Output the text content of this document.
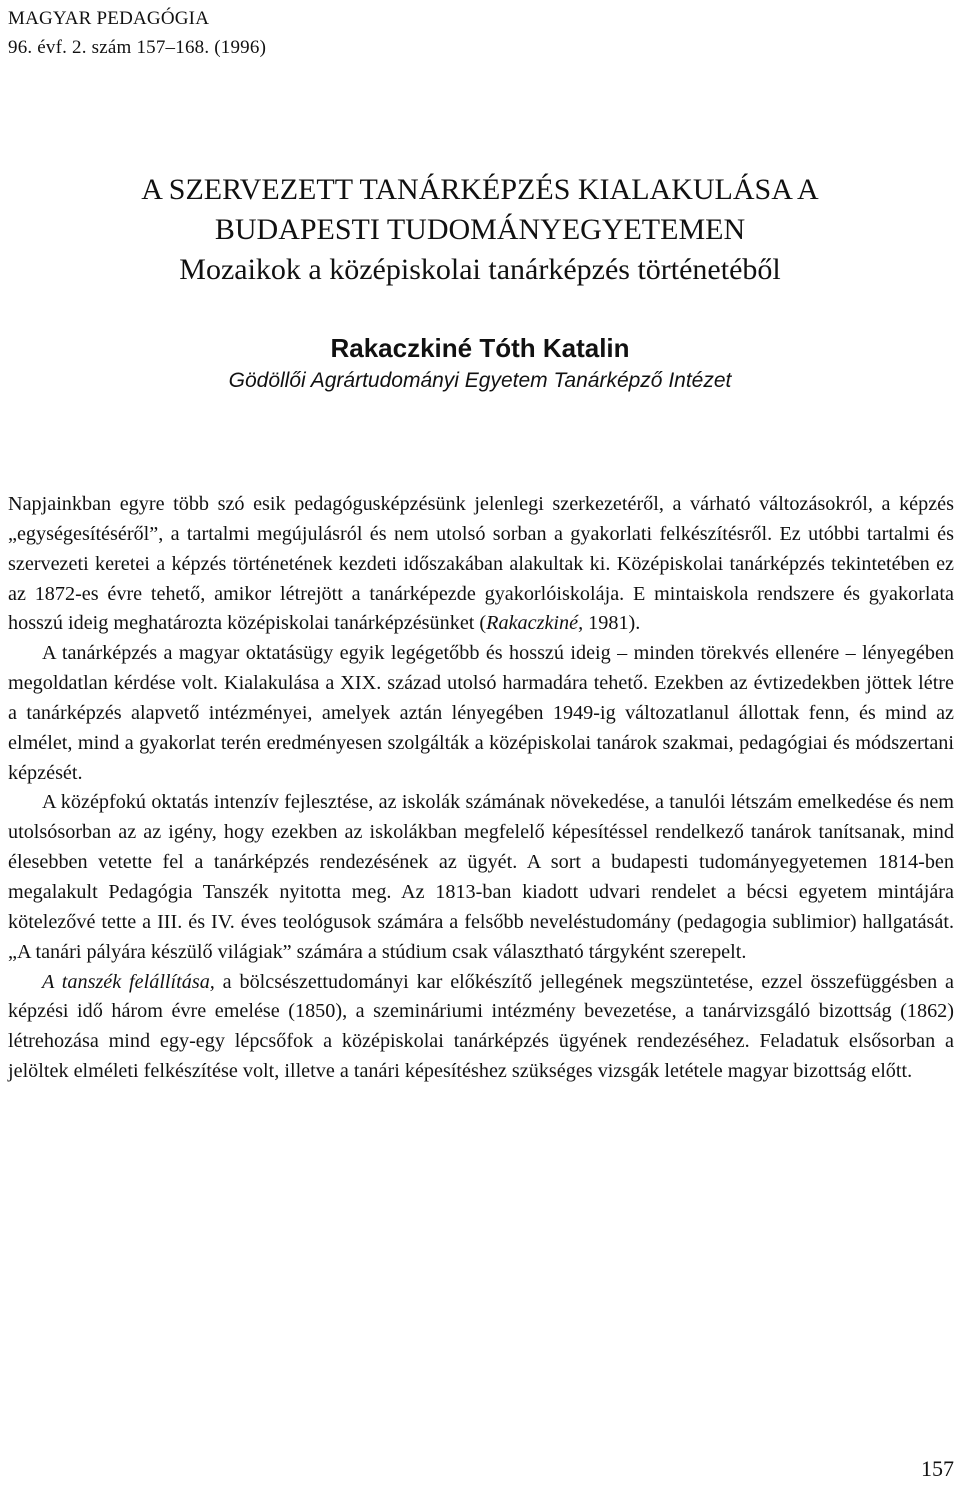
MAGYAR PEDAGÓGIA
96. évf. 2. szám 157–168. (1996)
A SZERVEZETT TANÁRKÉPZÉS KIALAKULÁSA A
BUDAPESTI TUDOMÁNYEGYETEMEN
Mozaikok a középiskolai tanárképzés történetéből
Rakaczkiné Tóth Katalin
Gödöllői Agrártudományi Egyetem Tanárképző Intézet

Napjainkban egyre több szó esik pedagógusképzésünk jelenlegi szerkezetéről, a várható változásokról, a képzés „egységesítéséről”, a tartalmi megújulásról és nem utolsó sorban a gyakorlati felkészítésről. Ez utóbbi tartalmi és szervezeti keretei a képzés történetének kezdeti időszakában alakultak ki. Középiskolai tanárképzés tekintetében ez az 1872-es évre tehető, amikor létrejött a tanárképezde gyakorlóiskolája. E mintaiskola rendszere és gyakorlata hosszú ideig meghatározta középiskolai tanárképzésünket (Rakaczkiné, 1981).

A tanárképzés a magyar oktatásügy egyik legégetőbb és hosszú ideig – minden törekvés ellenére – lényegében megoldatlan kérdése volt. Kialakulása a XIX. század utolsó harmadára tehető. Ezekben az évtizedekben jöttek létre a tanárképzés alapvető intézményei, amelyek aztán lényegében 1949-ig változatlanul állottak fenn, és mind az elmélet, mind a gyakorlat terén eredményesen szolgálták a középiskolai tanárok szakmai, pedagógiai és módszertani képzését.

A középfokú oktatás intenzív fejlesztése, az iskolák számának növekedése, a tanulói létszám emelkedése és nem utolsósorban az az igény, hogy ezekben az iskolákban megfelelő képesítéssel rendelkező tanárok tanítsanak, mind élesebben vetette fel a tanárképzés rendezésének az ügyét. A sort a budapesti tudományegyetemen 1814-ben megalakult Pedagógia Tanszék nyitotta meg. Az 1813-ban kiadott udvari rendelet a bécsi egyetem mintájára kötelezővé tette a III. és IV. éves teológusok számára a felsőbb neveléstudomány (pedagogia sublimior) hallgatását. „A tanári pályára készülő világiak” számára a stúdium csak választható tárgyként szerepelt.

A tanszék felállítása, a bölcsészettudományi kar előkészítő jellegének megszüntetése, ezzel összefüggésben a képzési idő három évre emelése (1850), a szemináriumi intézmény bevezetése, a tanárvizsgáló bizottság (1862) létrehozása mind egy-egy lépcsőfok a középiskolai tanárképzés ügyének rendezéséhez. Feladatuk elsősorban a jelöltek elméleti felkészítése volt, illetve a tanári képesítéshez szükséges vizsgák letétele magyar bizottság előtt.

157
